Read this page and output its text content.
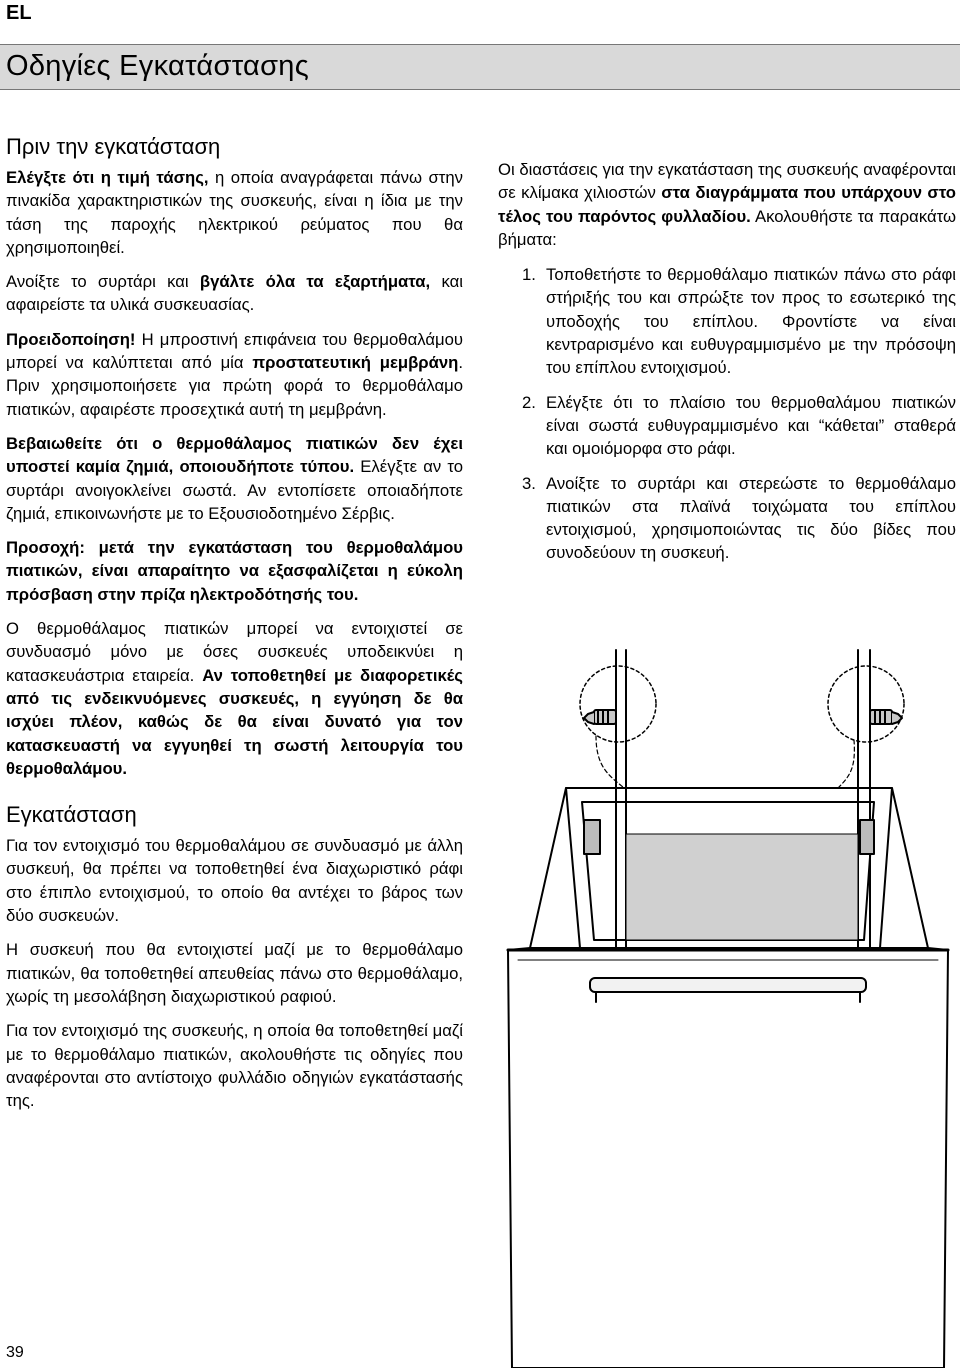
EL
Οδηγίες Εγκατάστασης
Πριν την εγκατάσταση

Ελέγξτε ότι η τιμή τάσης, η οποία αναγράφεται πάνω στην πινακίδα χαρακτηριστικών της συσκευής, είναι η ίδια με την τάση της παροχής ηλεκτρικού ρεύματος που θα χρησιμοποιηθεί.

Ανοίξτε το συρτάρι και βγάλτε όλα τα εξαρτήματα, και αφαιρείστε τα υλικά συσκευασίας.

Προειδοποίηση! Η μπροστινή επιφάνεια του θερμοθαλάμου μπορεί να καλύπτεται από μία προστατευτική μεμβράνη. Πριν χρησιμοποιήσετε για πρώτη φορά το θερμοθάλαμο πιατικών, αφαιρέστε προσεχτικά αυτή τη μεμβράνη.

Βεβαιωθείτε ότι ο θερμοθάλαμος πιατικών δεν έχει υποστεί καμία ζημιά, οποιουδήποτε τύπου. Ελέγξτε αν το συρτάρι ανοιγοκλείνει σωστά. Αν εντοπίσετε οποιαδήποτε ζημιά, επικοινωνήστε με το Εξουσιοδοτημένο Σέρβις.

Προσοχή: μετά την εγκατάσταση του θερμοθαλάμου πιατικών, είναι απαραίτητο να εξασφαλίζεται η εύκολη πρόσβαση στην πρίζα ηλεκτροδότησής του.

Ο θερμοθάλαμος πιατικών μπορεί να εντοιχιστεί σε συνδυασμό μόνο με όσες συσκευές υποδεικνύει η κατασκευάστρια εταιρεία. Αν τοποθετηθεί με διαφορετικές από τις ενδεικνυόμενες συσκευές, η εγγύηση δε θα ισχύει πλέον, καθώς δε θα είναι δυνατό για τον κατασκευαστή να εγγυηθεί τη σωστή λειτουργία του θερμοθαλάμου.

Εγκατάσταση

Για τον εντοιχισμό του θερμοθαλάμου σε συνδυασμό με άλλη συσκευή, θα πρέπει να τοποθετηθεί ένα διαχωριστικό ράφι στο έπιπλο εντοιχισμού, το οποίο θα αντέχει το βάρος των δύο συσκευών.

Η συσκευή που θα εντοιχιστεί μαζί με το θερμοθάλαμο πιατικών, θα τοποθετηθεί απευθείας πάνω στο θερμοθάλαμο, χωρίς τη μεσολάβηση διαχωριστικού ραφιού.

Για τον εντοιχισμό της συσκευής, η οποία θα τοποθετηθεί μαζί με το θερμοθάλαμο πιατικών, ακολουθήστε τις οδηγίες που αναφέρονται στο αντίστοιχο φυλλάδιο οδηγιών εγκατάστασής της.

Οι διαστάσεις για την εγκατάσταση της συσκευής αναφέρονται σε κλίμακα χιλιοστών στα διαγράμματα που υπάρχουν στο τέλος του παρόντος φυλλαδίου. Ακολουθήστε τα παρακάτω βήματα:

1. Τοποθετήστε το θερμοθάλαμο πιατικών πάνω στο ράφι στήριξής του και σπρώξτε τον προς το εσωτερικό της υποδοχής του επίπλου. Φροντίστε να είναι κεντραρισμένο και ευθυγραμμισμένο με την πρόσοψη του επίπλου εντοιχισμού.
2. Ελέγξτε ότι το πλαίσιο του θερμοθαλάμου πιατικών είναι σωστά ευθυγραμμισμένο και “κάθεται” σταθερά και ομοιόμορφα στο ράφι.
3. Ανοίξτε το συρτάρι και στερεώστε το θερμοθάλαμο πιατικών στα πλαϊνά τοιχώματα του επίπλου εντοιχισμού, χρησιμοποιώντας τις δύο βίδες που συνοδεύουν τη συσκευή.
39
